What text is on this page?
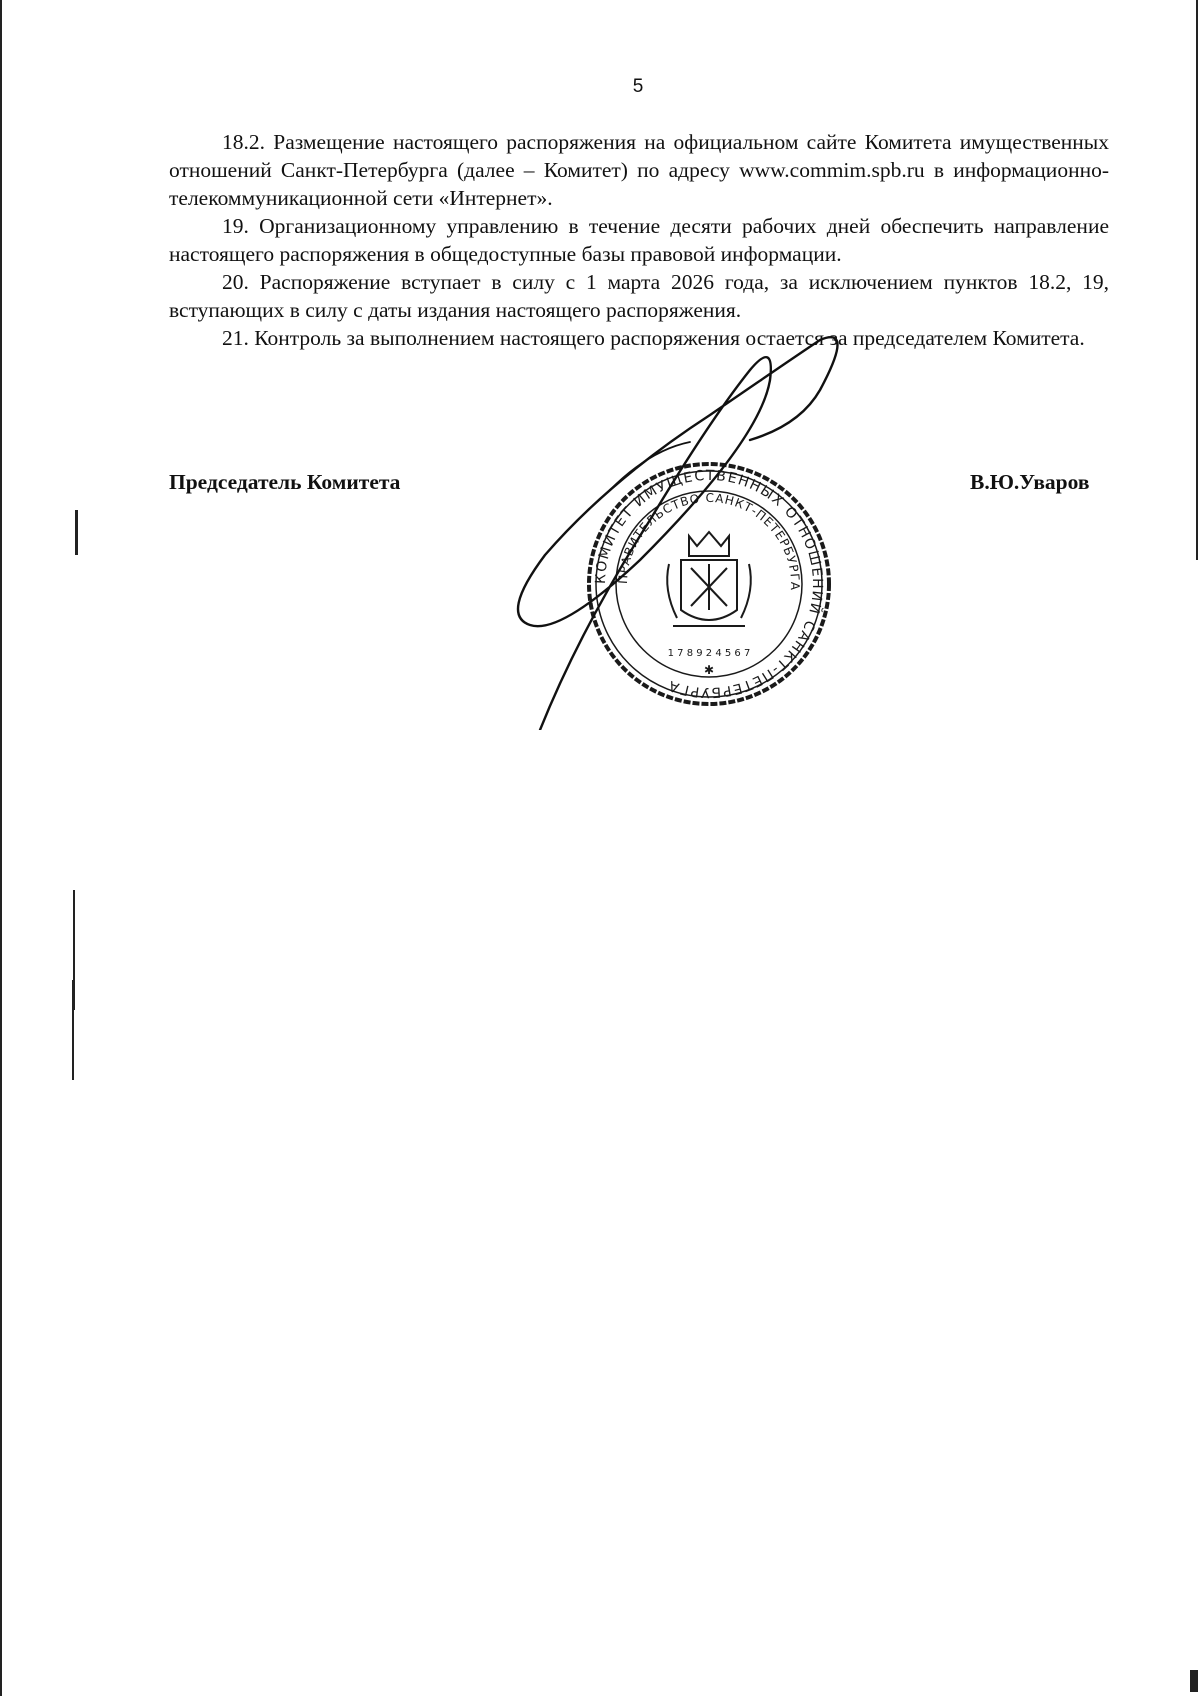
5

18.2. Размещение настоящего распоряжения на официальном сайте Комитета имущественных отношений Санкт-Петербурга (далее – Комитет) по адресу www.commim.spb.ru в информационно-телекоммуникационной сети «Интернет».

19. Организационному управлению в течение десяти рабочих дней обеспечить направление настоящего распоряжения в общедоступные базы правовой информации.

20. Распоряжение вступает в силу с 1 марта 2026 года, за исключением пунктов 18.2, 19, вступающих в силу с даты издания настоящего распоряжения.

21. Контроль за выполнением настоящего распоряжения остается за председателем Комитета.

Председатель Комитета	В.Ю.Уваров
КОМИТЕТ ИМУЩЕСТВЕННЫХ ОТНОШЕНИЙ САНКТ-ПЕТЕРБУРГА
ПРАВИТЕЛЬСТВО САНКТ-ПЕТЕРБУРГА
1 7 8 9 2 4 5 6 7
✱
